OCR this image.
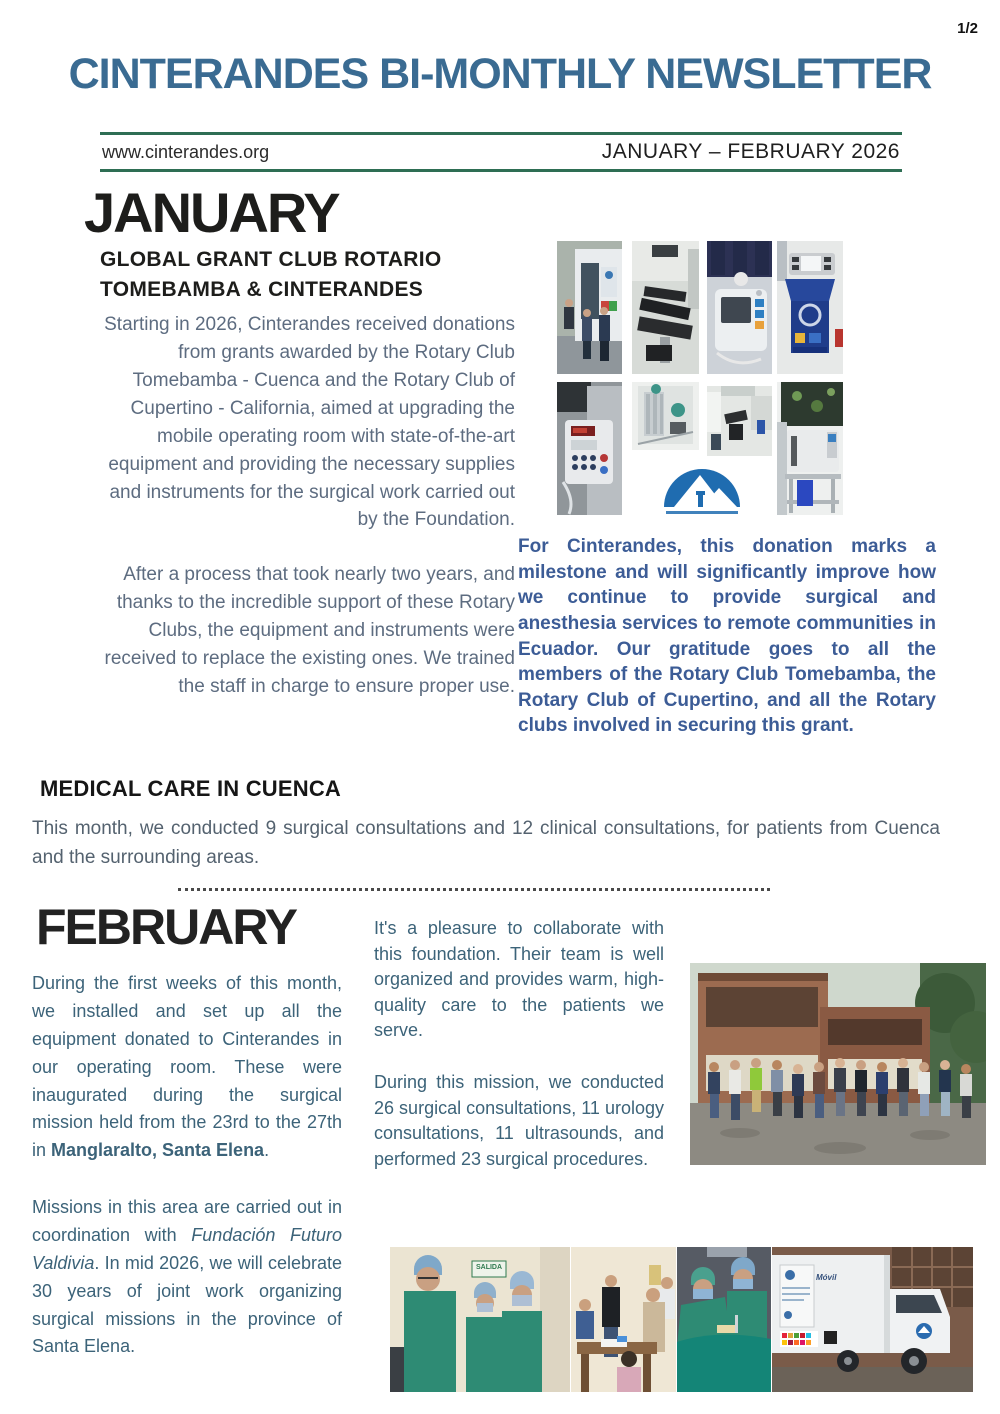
1/2
CINTERANDES BI-MONTHLY NEWSLETTER
www.cinterandes.org	JANUARY – FEBRUARY 2026
JANUARY
GLOBAL GRANT CLUB ROTARIO
TOMEBAMBA & CINTERANDES

Starting in 2026, Cinterandes received donations from grants awarded by the Rotary Club Tomebamba - Cuenca and the Rotary Club of Cupertino - California, aimed at upgrading the mobile operating room with state-of-the-art equipment and providing the necessary supplies and instruments for the surgical work carried out by the Foundation.

After a process that took nearly two years, and thanks to the incredible support of these Rotary Clubs, the equipment and instruments were received to replace the existing ones. We trained the staff in charge to ensure proper use.

For Cinterandes, this donation marks a milestone and will significantly improve how we continue to provide surgical and anesthesia services to remote communities in Ecuador. Our gratitude goes to all the members of the Rotary Club Tomebamba, the Rotary Club of Cupertino, and all the Rotary clubs involved in securing this grant.

MEDICAL CARE IN CUENCA

This month, we conducted 9 surgical consultations and 12 clinical consultations, for patients from Cuenca and the surrounding areas.

FEBRUARY

During the first weeks of this month, we installed and set up all the equipment donated to Cinterandes in our operating room. These were inaugurated during the surgical mission held from the 23rd to the 27th in Manglaralto, Santa Elena.

Missions in this area are carried out in coordination with Fundación Futuro Valdivia. In mid 2026, we will celebrate 30 years of joint work organizing surgical missions in the province of Santa Elena.

It's a pleasure to collaborate with this foundation. Their team is well organized and provides warm, high-quality care to the patients we serve.

During this mission, we conducted 26 surgical consultations, 11 urology consultations, 11 ultrasounds, and performed 23 surgical procedures.

SALIDA
Móvil
